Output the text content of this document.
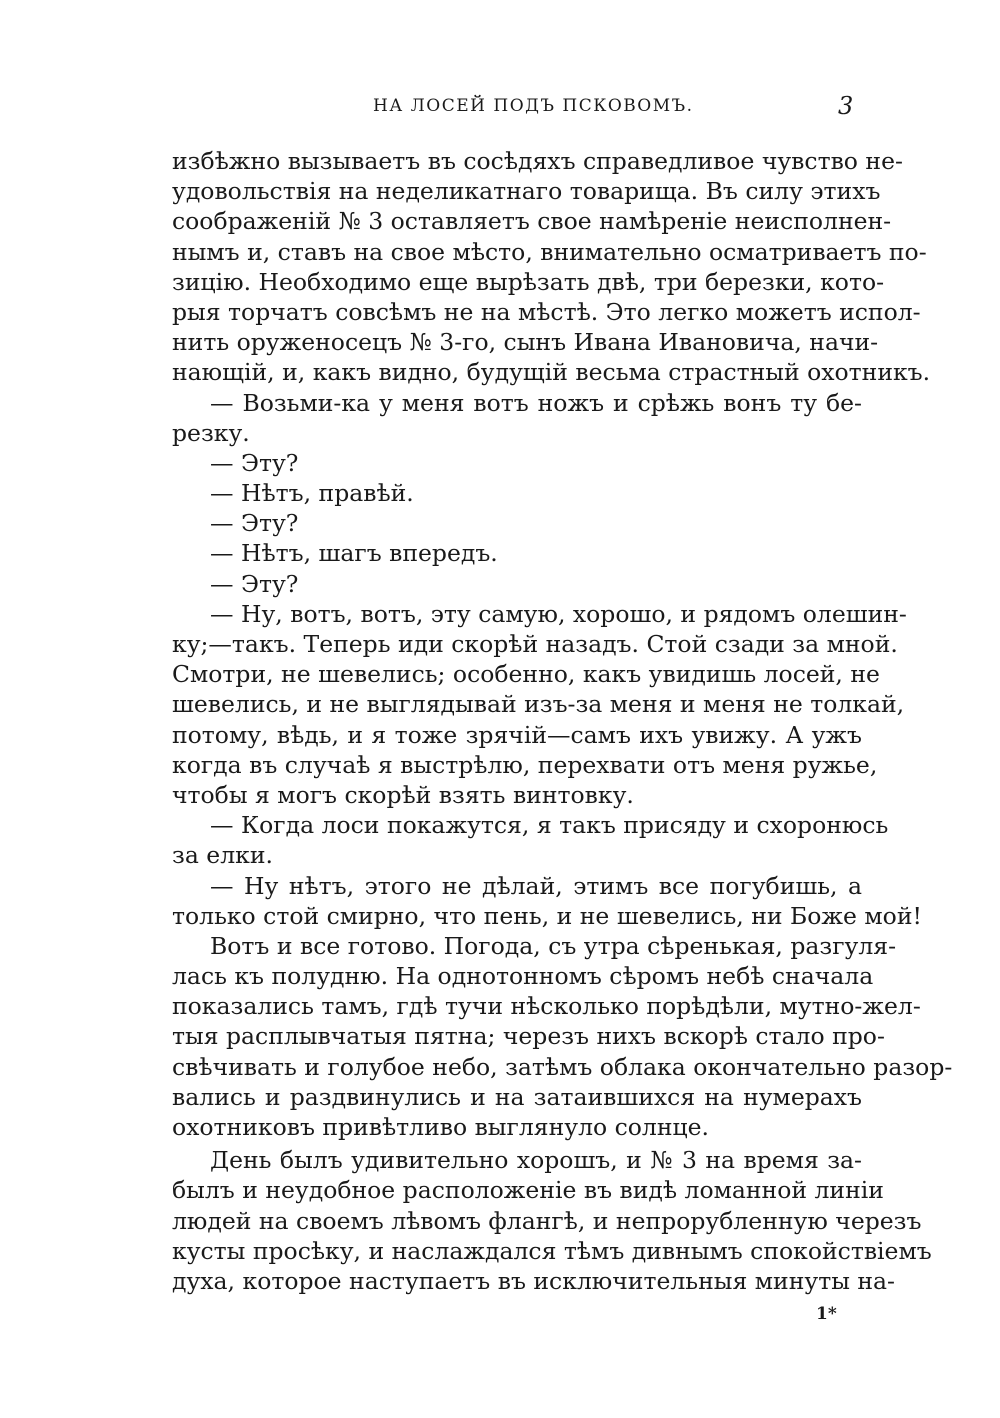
НА ЛОСЕЙ ПОДЪ ПСКОВОМЪ.	3
избѣжно вызываетъ въ сосѣдяхъ справедливое чувство не-
удовольствія на неделикатнаго товарища. Въ силу этихъ
соображеній № 3 оставляетъ свое намѣреніе неисполнен-
нымъ и, ставъ на свое мѣсто, внимательно осматриваетъ по-
зицію. Необходимо еще вырѣзать двѣ, три березки, кото-
рыя торчатъ совсѣмъ не на мѣстѣ. Это легко можетъ испол-
нить оруженосецъ № 3-го, сынъ Ивана Ивановича, начи-
нающій, и, какъ видно, будущій весьма страстный охотникъ.
— Возьми-ка у меня вотъ ножъ и срѣжь вонъ ту бе-
резку.
— Эту?
— Нѣтъ, правѣй.
— Эту?
— Нѣтъ, шагъ впередъ.
— Эту?
— Ну, вотъ, вотъ, эту самую, хорошо, и рядомъ олешин-
ку;—такъ. Теперь иди скорѣй назадъ. Стой сзади за мной.
Смотри, не шевелись; особенно, какъ увидишь лосей, не
шевелись, и не выглядывай изъ-за меня и меня не толкай,
потому, вѣдь, и я тоже зрячій—самъ ихъ увижу. А ужъ
когда въ случаѣ я выстрѣлю, перехвати отъ меня ружье,
чтобы я могъ скорѣй взять винтовку.
— Когда лоси покажутся, я такъ присяду и схоронюсь
за елки.
— Ну нѣтъ, этого не дѣлай, этимъ все погубишь, а
только стой смирно, что пень, и не шевелись, ни Боже мой!
Вотъ и все готово. Погода, съ утра сѣренькая, разгуля-
лась къ полудню. На однотонномъ сѣромъ небѣ сначала
показались тамъ, гдѣ тучи нѣсколько порѣдѣли, мутно-жел-
тыя расплывчатыя пятна; черезъ нихъ вскорѣ стало про-
свѣчивать и голубое небо, затѣмъ облака окончательно разор-
вались и раздвинулись и на затаившихся на нумерахъ
охотниковъ привѣтливо выглянуло солнце.
День былъ удивительно хорошъ, и № 3 на время за-
былъ и неудобное расположеніе въ видѣ ломанной линіи
людей на своемъ лѣвомъ флангѣ, и непрорубленную черезъ
кусты просѣку, и наслаждался тѣмъ дивнымъ спокойствіемъ
духа, которое наступаетъ въ исключительныя минуты на-
1*
